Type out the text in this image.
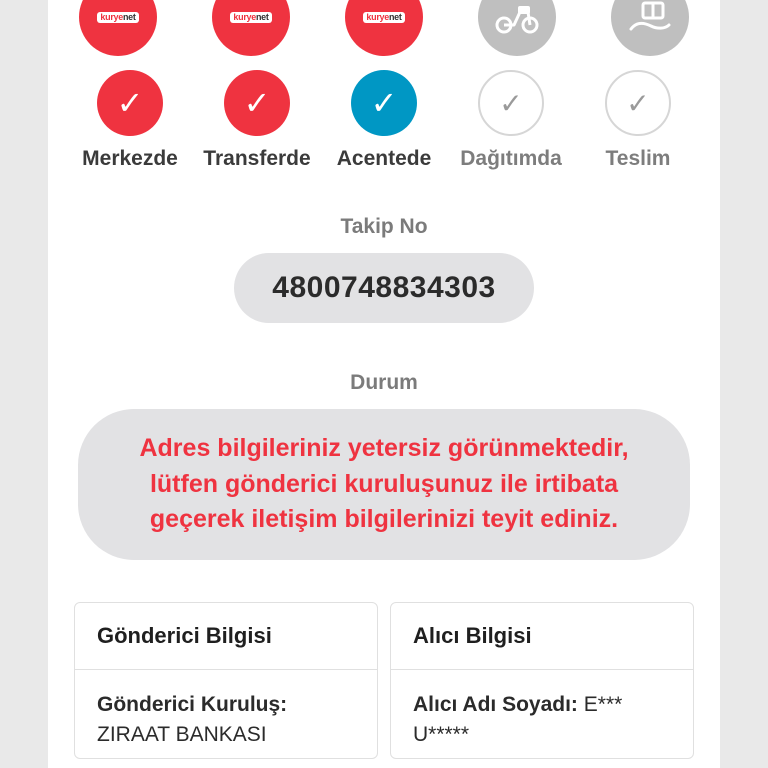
kuryenet	kuryenet	kuryenet
✓
Merkezde
✓
Transferde
✓
Acentede
✓
Dağıtımda
✓
Teslim
Takip No
4800748834303
Durum
Adres bilgileriniz yetersiz görünmektedir, lütfen gönderici kuruluşunuz ile irtibata geçerek iletişim bilgilerinizi teyit ediniz.
Gönderici Bilgisi
Gönderici Kuruluş:
ZIRAAT BANKASI
Alıcı Bilgisi
Alıcı Adı Soyadı: E*** U*****
